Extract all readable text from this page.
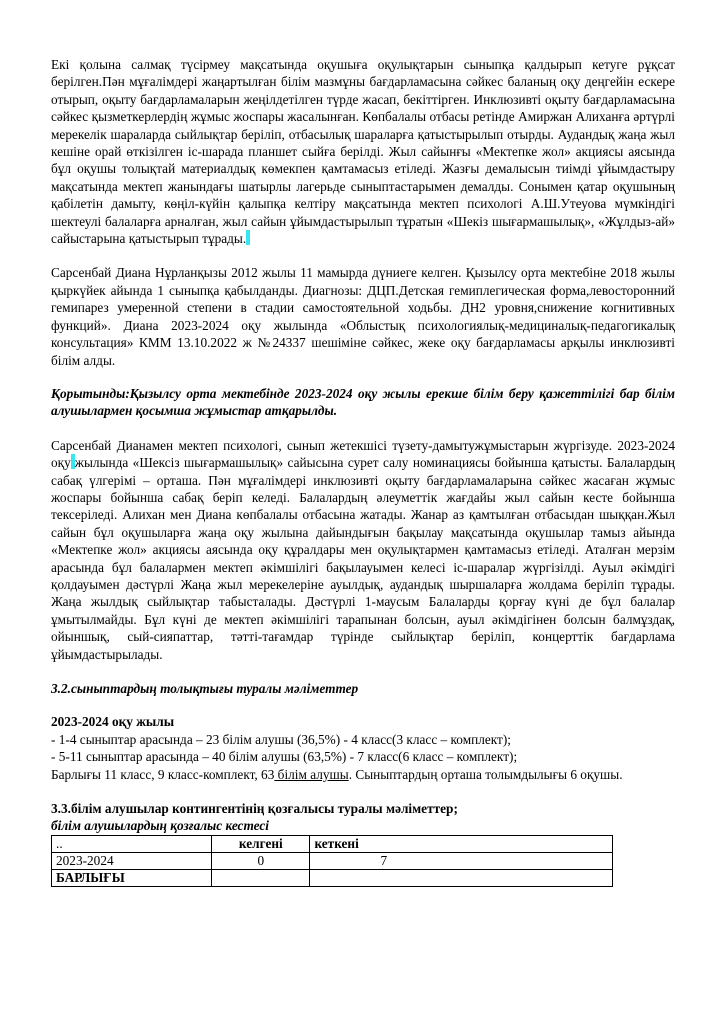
Екі қолына салмақ түсірмеу мақсатында оқушыға оқулықтарын сыныпқа қалдырып кетуге рұқсат берілген.Пән мұғалімдері жаңартылған білім мазмұны бағдарламасына сәйкес баланың оқу деңгейін ескере отырып, оқыту бағдарламаларын жеңілдетілген түрде жасап, бекіттірген. Инклюзивті оқыту бағдарламасына сәйкес қызметкерлердің жұмыс жоспары жасалынған. Көпбалалы отбасы ретінде Амиржан Алиханға әртүрлі мерекелік шараларда сыйлықтар беріліп, отбасылық шараларға қатыстырылып отырды. Аудандық жаңа жыл кешіне орай өткізілген іс-шарада планшет сыйға берілді. Жыл сайынғы «Мектепке жол» акциясы аясында бұл оқушы толықтай материалдық көмекпен қамтамасыз етіледі. Жазғы демалысын тиімді ұйымдастыру мақсатында мектеп жанындағы шатырлы лагерьде сыныптастарымен демалды. Сонымен қатар оқушының қабілетін дамыту, көңіл-күйін қалыпқа келтіру мақсатында мектеп психологі А.Ш.Утеуова мүмкіндігі шектеулі балаларға арналған, жыл сайын ұйымдастырылып тұратын «Шекіз шығармашылық», «Жұлдыз-ай» сайыстарына қатыстырып тұрады.

Сарсенбай Диана Нұрланқызы 2012 жылы 11 мамырда дүниеге келген. Қызылсу орта мектебіне 2018 жылы қыркүйек айында 1 сыныпқа қабылданды. Диагнозы: ДЦП.Детская гемиплегическая форма,левосторонний гемипарез умеренной степени в стадии самостоятельной ходьбы. ДН2 уровня,снижение когнитивных функций». Диана 2023-2024 оқу жылында «Облыстық психологиялық-медициналық-педагогикалық консультация» КММ 13.10.2022 ж №24337 шешіміне сәйкес, жеке оқу бағдарламасы арқылы инклюзивті білім алды.

Қорытынды:Қызылсу орта мектебінде 2023-2024 оқу жылы ерекше білім беру қажеттілігі бар білім алушылармен қосымша жұмыстар атқарылды.

Сарсенбай Дианамен мектеп психологі, сынып жетекшісі түзету-дамытужұмыстарын жүргізуде. 2023-2024 оқу жылында «Шексіз шығармашылық» сайысына сурет салу номинациясы бойынша қатысты. Балалардың сабақ үлгерімі – орташа. Пән мұғалімдері инклюзивті оқыту бағдарламаларына сәйкес жасаған жұмыс жоспары бойынша сабақ беріп келеді. Балалардың әлеуметтік жағдайы жыл сайын кесте бойынша тексеріледі. Алихан мен Диана көпбалалы отбасына жатады. Жанар аз қамтылған отбасыдан шыққан.Жыл сайын бұл оқушыларға жаңа оқу жылына дайындығын бақылау мақсатында оқушылар тамыз айында «Мектепке жол» акциясы аясында оқу құралдары мен оқулықтармен қамтамасыз етіледі. Аталған мерзім арасында бұл балалармен мектеп әкімшілігі бақылауымен келесі іс-шаралар жүргізілді. Ауыл әкімдігі қолдауымен дәстүрлі Жаңа жыл мерекелеріне ауылдық, аудандық шыршаларға жолдама беріліп тұрады. Жаңа жылдық сыйлықтар табысталады. Дәстүрлі 1-маусым Балаларды қорғау күні де бұл балалар ұмытылмайды. Бұл күні де мектеп әкімшілігі тарапынан болсын, ауыл әкімдігінен болсын балмұздақ, ойыншық, сый-сияпаттар, тәтті-тағамдар түрінде сыйлықтар беріліп, концерттік бағдарлама ұйымдастырылады.

3.2.сыныптардың толықтығы туралы мәліметтер

2023-2024 оқу жылы

- 1-4 сыныптар арасында – 23 білім алушы (36,5%) - 4 класс(3 класс – комплект);

- 5-11 сыныптар арасында – 40 білім алушы (63,5%) - 7 класс(6 класс – комплект);

Барлығы 11 класс, 9 класс-комплект, 63 білім алушы. Сыныптардың орташа толымдылығы 6 оқушы.

3.3.білім алушылар контингентінің қозғалысы туралы мәліметтер;

білім алушылардың қозғалыс кестесі

..	келгені	кеткені
2023-2024	0	7
БАРЛЫҒЫ		
